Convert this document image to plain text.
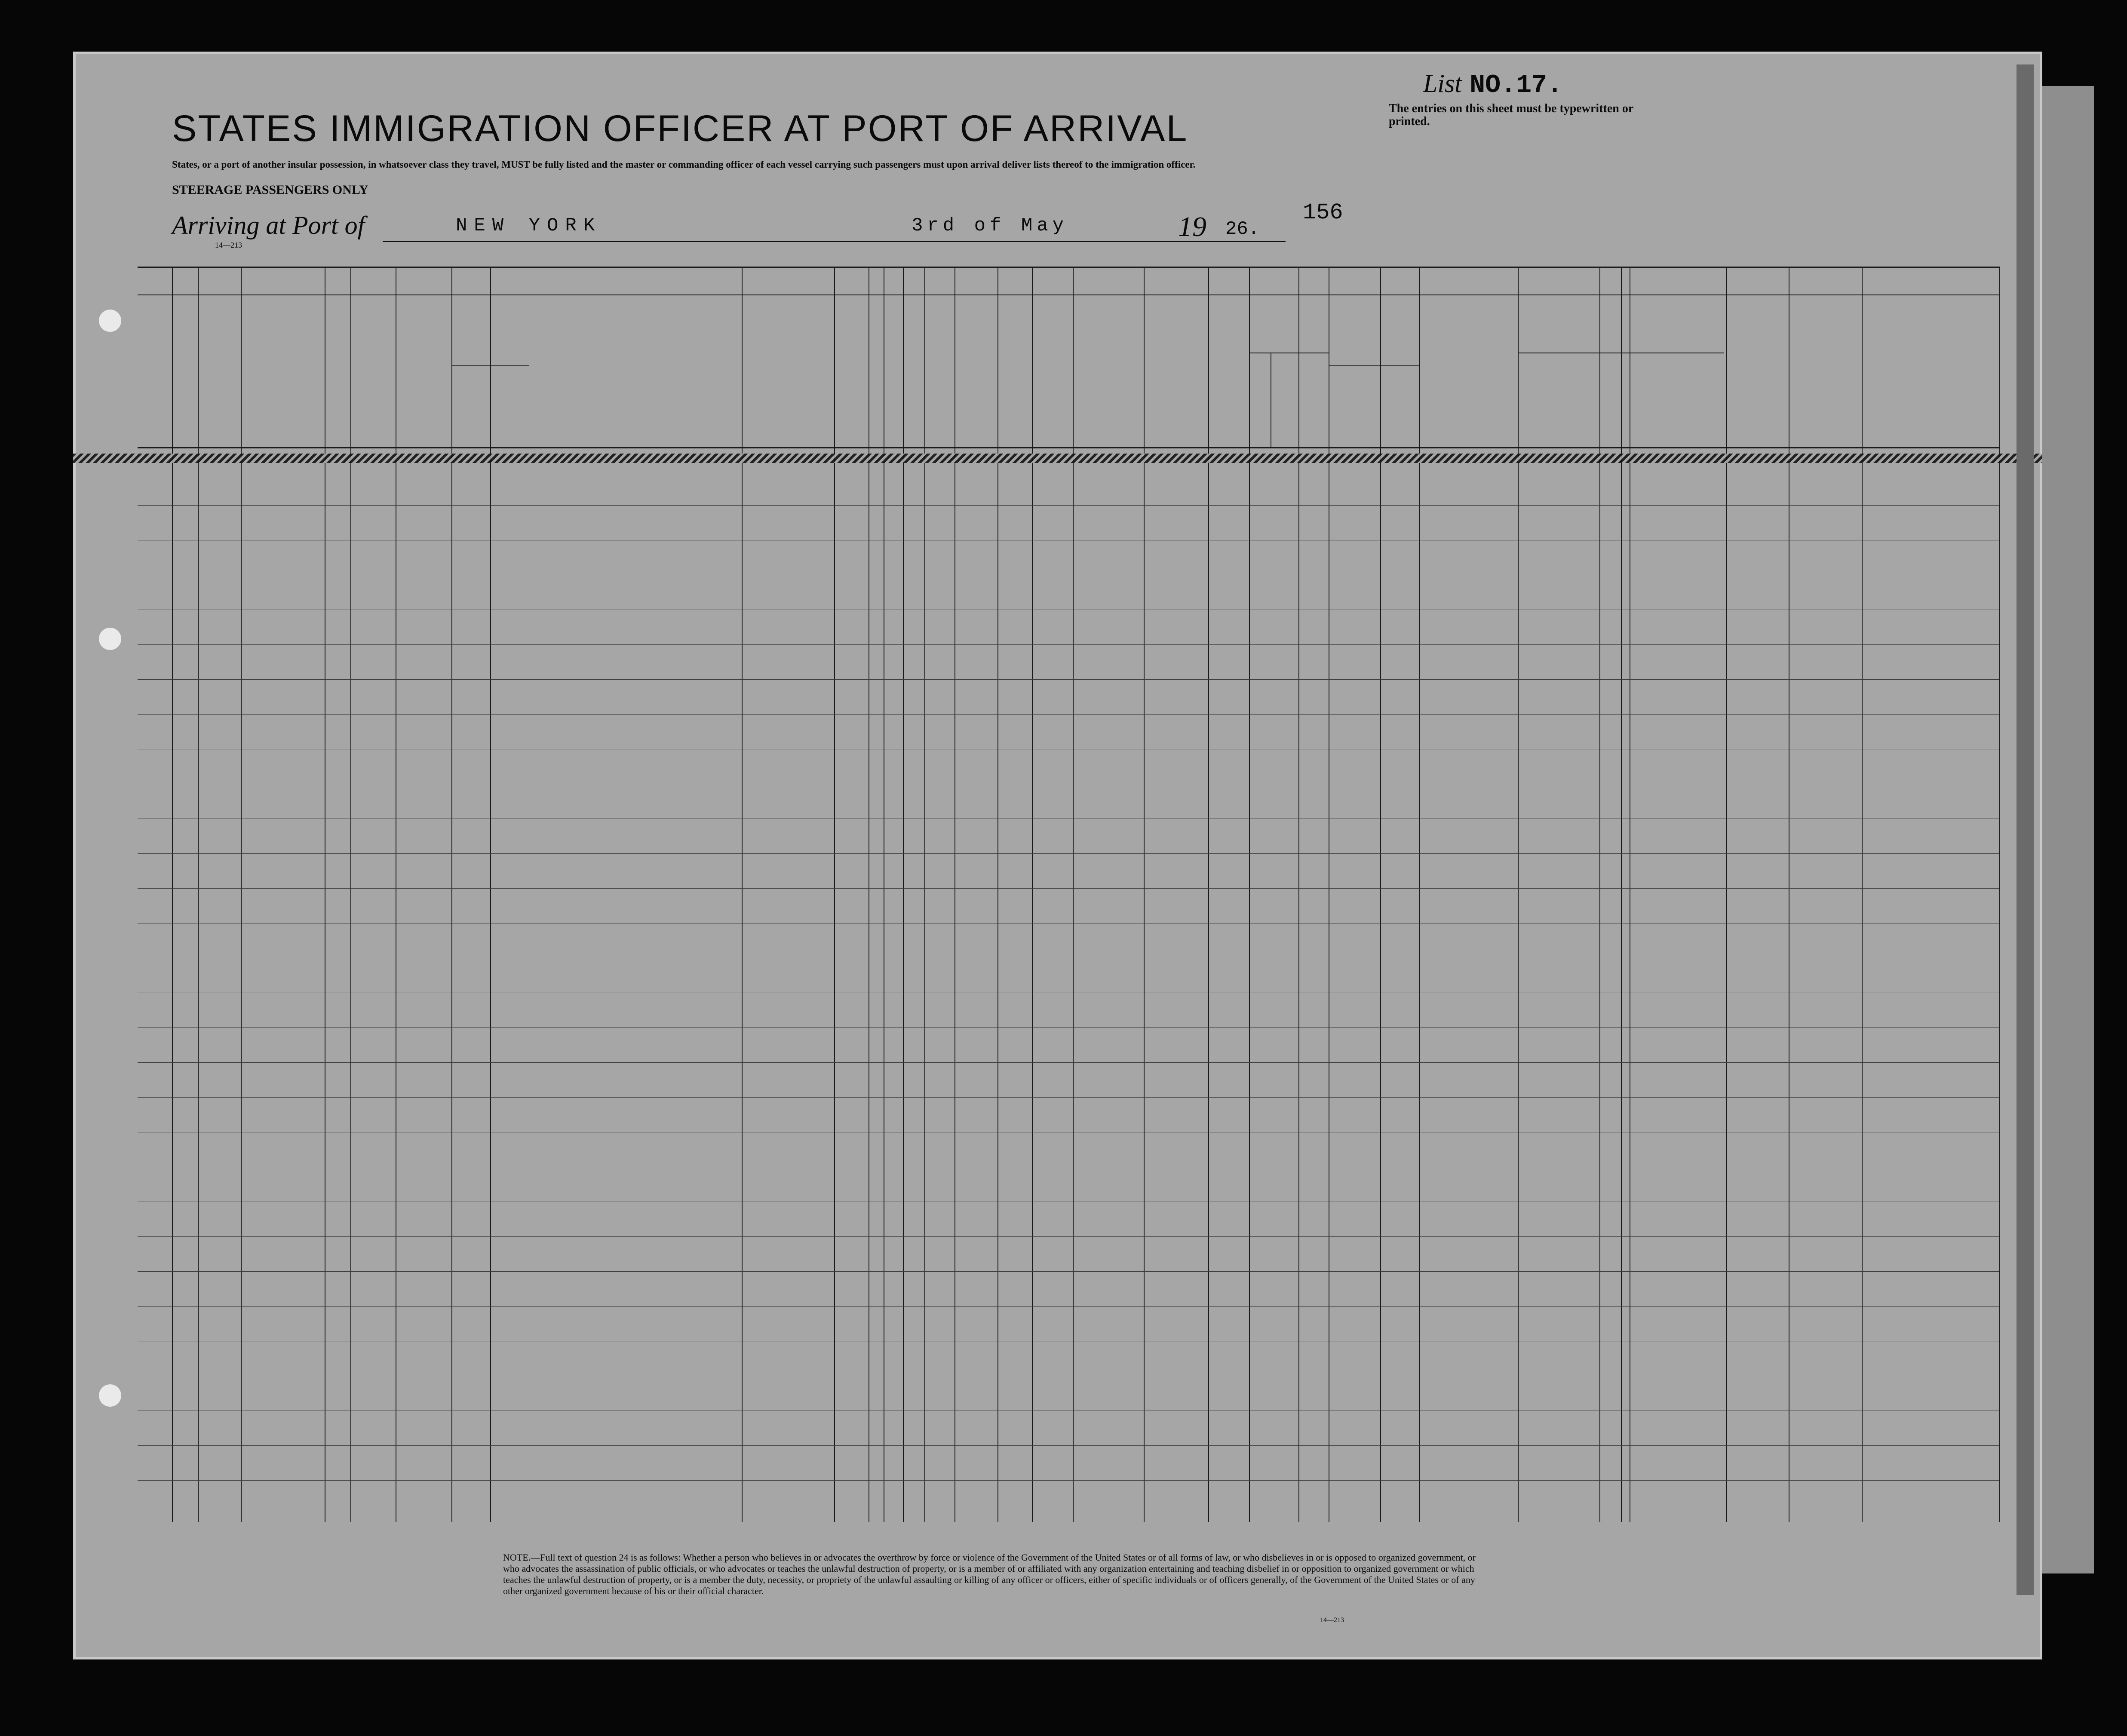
List NO.17.
The entries on this sheet must be typewritten or printed.
STATES IMMIGRATION OFFICER AT PORT OF ARRIVAL
States, or a port of another insular possession, in whatsoever class they travel, MUST be fully listed and the master or commanding officer of each vessel carrying such passengers must upon arrival deliver lists thereof to the immigration officer.
STEERAGE PASSENGERS ONLY
Arriving at Port of	NEW YORK	3rd of May	19 26.
156
14—213
NOTE.—Full text of question 24 is as follows: Whether a person who believes in or advocates the overthrow by force or violence of the Government of the United States or of all forms of law, or who disbelieves in or is opposed to organized government, or who advocates the assassination of public officials, or who advocates or teaches the unlawful destruction of property, or is a member of or affiliated with any organization entertaining and teaching disbelief in or opposition to organized government or which teaches the unlawful destruction of property, or is a member the duty, necessity, or propriety of the unlawful assaulting or killing of any officer or officers, either of specific individuals or of officers generally, of the Government of the United States or of any other organized government because of his or their official character.
14—213
